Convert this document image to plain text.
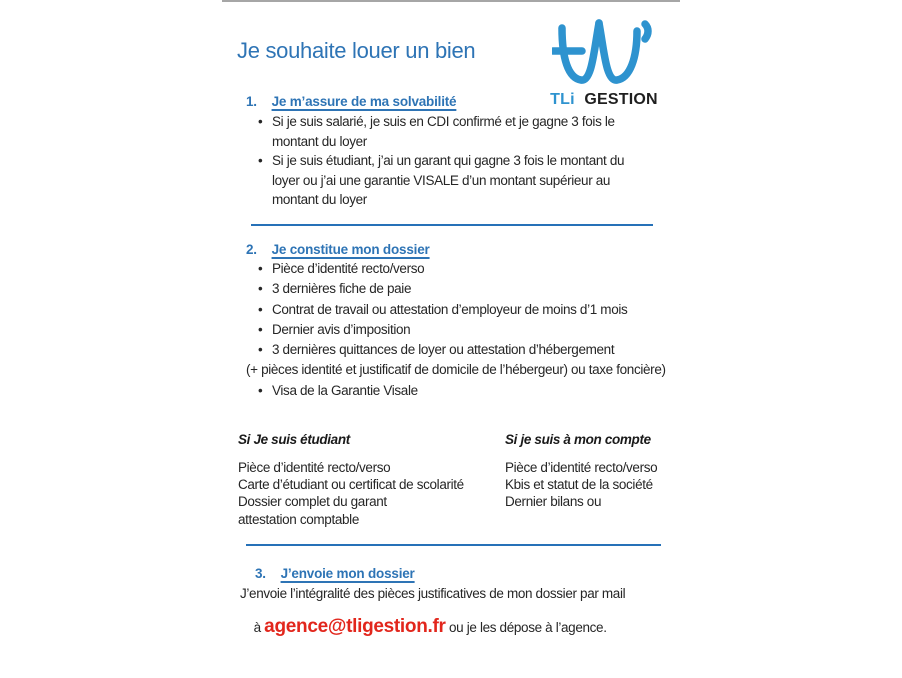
Je souhaite louer un bien
TLi GESTION
1. Je m’assure de ma solvabilité
• Si je suis salarié, je suis en CDI confirmé et je gagne 3 fois le montant du loyer
• Si je suis étudiant, j’ai un garant qui gagne 3 fois le montant du loyer ou j’ai une garantie VISALE d’un montant supérieur au montant du loyer
2. Je constitue mon dossier
• Pièce d’identité recto/verso
• 3 dernières fiche de paie
• Contrat de travail ou attestation d’employeur de moins d’1 mois
• Dernier avis d’imposition
• 3 dernières quittances de loyer ou attestation d’hébergement
(+ pièces identité et justificatif de domicile de l’hébergeur) ou taxe foncière)
• Visa de la Garantie Visale
Si Je suis étudiant
Pièce d’identité recto/verso
Carte d’étudiant ou certificat de scolarité
Dossier complet du garant
attestation comptable
Si je suis à mon compte
Pièce d’identité recto/verso
Kbis et statut de la société
Dernier bilans ou
3. J’envoie mon dossier
J’envoie l’intégralité des pièces justificatives de mon dossier par mail

à agence@tligestion.fr ou je les dépose à l’agence.
